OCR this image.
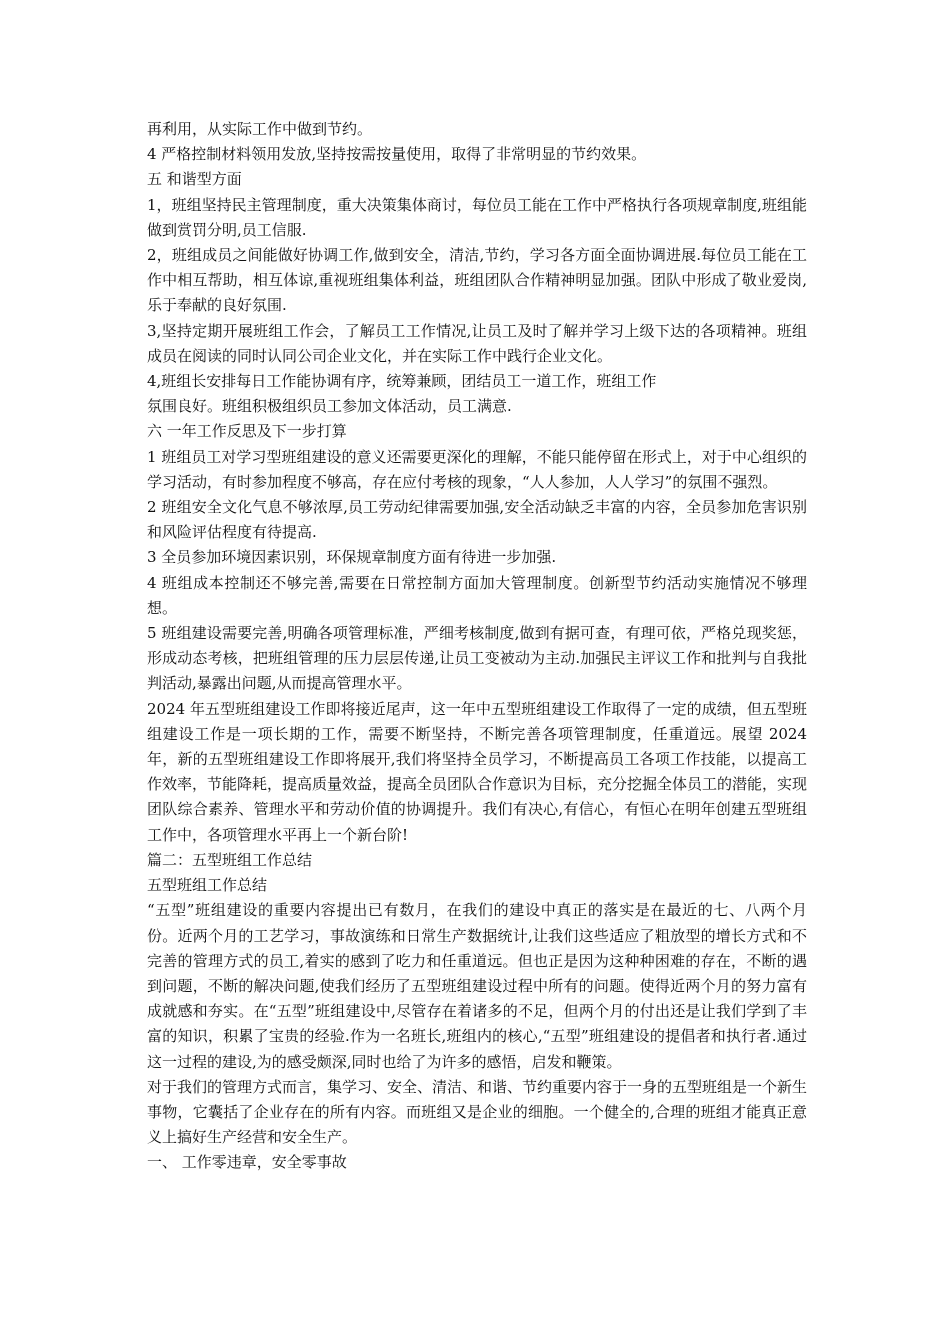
再利用，从实际工作中做到节约。

4 严格控制材料领用发放,坚持按需按量使用，取得了非常明显的节约效果。

五 和谐型方面

1，班组坚持民主管理制度，重大决策集体商讨，每位员工能在工作中严格执行各项规章制度,班组能做到赏罚分明,员工信服.

2，班组成员之间能做好协调工作,做到安全，清洁,节约，学习各方面全面协调进展.每位员工能在工作中相互帮助，相互体谅,重视班组集体利益，班组团队合作精神明显加强。团队中形成了敬业爱岗,乐于奉献的良好氛围.

3,坚持定期开展班组工作会，了解员工工作情况,让员工及时了解并学习上级下达的各项精神。班组成员在阅读的同时认同公司企业文化，并在实际工作中践行企业文化。

4,班组长安排每日工作能协调有序，统筹兼顾，团结员工一道工作，班组工作

氛围良好。班组积极组织员工参加文体活动，员工满意.

六 一年工作反思及下一步打算

1 班组员工对学习型班组建设的意义还需要更深化的理解，不能只能停留在形式上，对于中心组织的学习活动，有时参加程度不够高，存在应付考核的现象，“人人参加，人人学习”的氛围不强烈。

2 班组安全文化气息不够浓厚,员工劳动纪律需要加强,安全活动缺乏丰富的内容，全员参加危害识别和风险评估程度有待提高.

3 全员参加环境因素识别，环保规章制度方面有待进一步加强.

4 班组成本控制还不够完善,需要在日常控制方面加大管理制度。创新型节约活动实施情况不够理想。

5 班组建设需要完善,明确各项管理标准，严细考核制度,做到有据可查，有理可依，严格兑现奖惩，形成动态考核，把班组管理的压力层层传递,让员工变被动为主动.加强民主评议工作和批判与自我批判活动,暴露出问题,从而提高管理水平。

2024 年五型班组建设工作即将接近尾声，这一年中五型班组建设工作取得了一定的成绩，但五型班组建设工作是一项长期的工作，需要不断坚持，不断完善各项管理制度，任重道远。展望 2024 年，新的五型班组建设工作即将展开,我们将坚持全员学习，不断提高员工各项工作技能，以提高工作效率，节能降耗，提高质量效益，提高全员团队合作意识为目标，充分挖掘全体员工的潜能，实现团队综合素养、管理水平和劳动价值的协调提升。我们有决心,有信心，有恒心在明年创建五型班组工作中，各项管理水平再上一个新台阶!

篇二：五型班组工作总结

五型班组工作总结

“五型”班组建设的重要内容提出已有数月，在我们的建设中真正的落实是在最近的七、八两个月份。近两个月的工艺学习，事故演练和日常生产数据统计,让我们这些适应了粗放型的增长方式和不完善的管理方式的员工,着实的感到了吃力和任重道远。但也正是因为这种种困难的存在，不断的遇到问题，不断的解决问题,使我们经历了五型班组建设过程中所有的问题。使得近两个月的努力富有成就感和夯实。在“五型”班组建设中,尽管存在着诸多的不足，但两个月的付出还是让我们学到了丰富的知识，积累了宝贵的经验.作为一名班长,班组内的核心,“五型”班组建设的提倡者和执行者.通过这一过程的建设,为的感受颇深,同时也给了为许多的感悟，启发和鞭策。

对于我们的管理方式而言，集学习、安全、清洁、和谐、节约重要内容于一身的五型班组是一个新生事物，它囊括了企业存在的所有内容。而班组又是企业的细胞。一个健全的,合理的班组才能真正意义上搞好生产经营和安全生产。

一、 工作零违章，安全零事故
